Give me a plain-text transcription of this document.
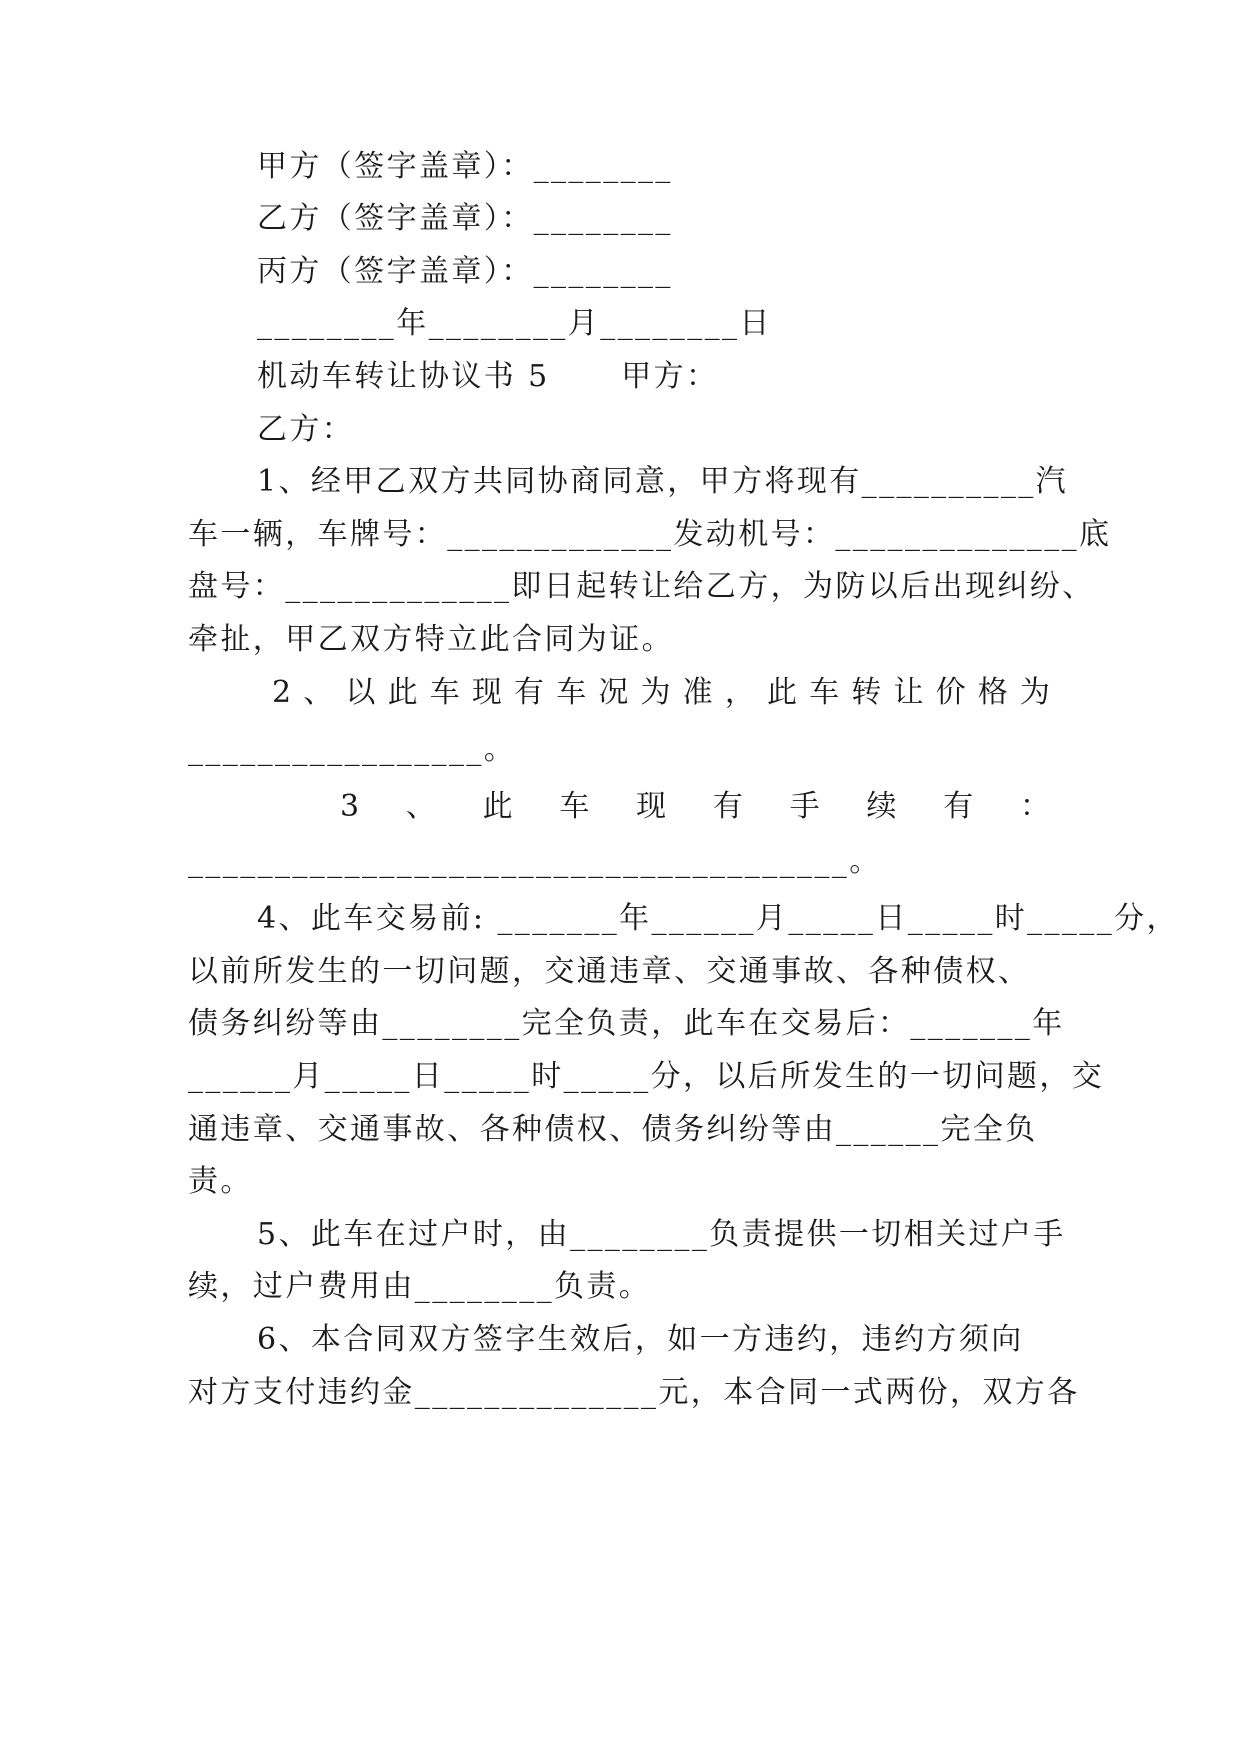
甲方（签字盖章）：________
乙方（签字盖章）：________
丙方（签字盖章）：________
________年________月________日
机动车转让协议书 5      甲方：
乙方：
1、经甲乙双方共同协商同意，甲方将现有__________汽
车一辆，车牌号：_____________发动机号：______________底
盘号：_____________即日起转让给乙方，为防以后出现纠纷、
牵扯，甲乙双方特立此合同为证。
2 、 以 此 车 现 有 车 况 为 准 ， 此 车 转 让 价 格 为
_________________。
3 、 此 车 现 有 手 续 有 ：
______________________________________。
4、此车交易前: _______年______月_____日_____时_____分，
以前所发生的一切问题，交通违章、交通事故、各种债权、
债务纠纷等由________完全负责，此车在交易后：_______年
______月_____日_____时_____分，以后所发生的一切问题，交
通违章、交通事故、各种债权、债务纠纷等由______完全负
责。
5、此车在过户时，由________负责提供一切相关过户手
续，过户费用由________负责。
6、本合同双方签字生效后，如一方违约，违约方须向
对方支付违约金______________元，本合同一式两份，双方各
